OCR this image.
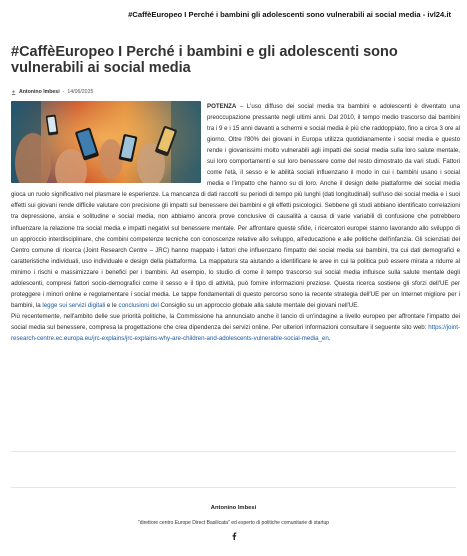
#CaffèEuropeo I Perché i bambini gli adolescenti sono vulnerabili ai social media - ivl24.it
#CaffèEuropeo I Perché i bambini e gli adolescenti sono vulnerabili ai social media
Antonino Imbesi - 14/06/2025

POTENZA – L'uso diffuso dei social media tra bambini e adolescenti è diventato una preoccupazione pressante negli ultimi anni. Dal 2010, il tempo medio trascorso dai bambini tra i 9 e i 15 anni davanti a schermi e social media è più che raddoppiato, fino a circa 3 ore al giorno. Oltre l'80% dei giovani in Europa utilizza quotidianamente i social media e questo rende i giovanissimi molto vulnerabili agli impatti dei social media sulla loro salute mentale, sui loro comportamenti e sul loro benessere come del resto dimostrato da vari studi. Fattori come l'età, il sesso e le abilità sociali influenzano il modo in cui i bambini usano i social media e l'impatto che hanno su di loro. Anche il design delle piattaforme dei social media gioca un ruolo significativo nel plasmare le esperienze. La mancanza di dati raccolti su periodi di tempo più lunghi (dati longitudinali) sull'uso dei social media e i suoi effetti sui giovani rende difficile valutare con precisione gli impatti sul benessere dei bambini e gli effetti psicologici. Sebbene gli studi abbiano identificato correlazioni tra depressione, ansia e solitudine e social media, non abbiamo ancora prove conclusive di causalità a causa di varie variabili di confusione che potrebbero influenzare la relazione tra social media e impatti negativi sul benessere mentale. Per affrontare queste sfide, i ricercatori europei stanno lavorando allo sviluppo di un approccio interdisciplinare, che combini competenze tecniche con conoscenze relative allo sviluppo, all'educazione e alle politiche dell'infanzia. Gli scienziati del Centro comune di ricerca (Joint Research Centre – JRC) hanno mappato i fattori che influenzano l'impatto dei social media sui bambini, tra cui dati demografici e caratteristiche individuali, uso individuale e design della piattaforma. La mappatura sta aiutando a identificare le aree in cui la politica può essere mirata a ridurre al minimo i rischi e massimizzare i benefici per i bambini. Ad esempio, lo studio di come il tempo trascorso sui social media influisce sulla salute mentale degli adolescenti, compresi fattori socio-demografici come il sesso e il tipo di attività, può fornire informazioni preziose. Questa ricerca sostiene gli sforzi dell'UE per proteggere i minori online e regolamentare i social media. Le tappe fondamentali di questo percorso sono la recente strategia dell'UE per un Internet migliore per i bambini, la legge sui servizi digitali e le conclusioni del Consiglio su un approccio globale alla salute mentale dei giovani nell'UE.

Più recentemente, nell'ambito delle sue priorità politiche, la Commissione ha annunciato anche il lancio di un'indagine a livello europeo per affrontare l'impatto dei social media sul benessere, compresa la progettazione che crea dipendenza dei servizi online. Per ulteriori informazioni consultare il seguente sito web: https://joint-research-centre.ec.europa.eu/jrc-explains/jrc-explains-why-are-children-and-adolescents-vulnerable-social-media_en.

Antonino Imbesi
"direttore centro Europe Direct Basilicata" ed esperto di politiche comunitarie di startup
